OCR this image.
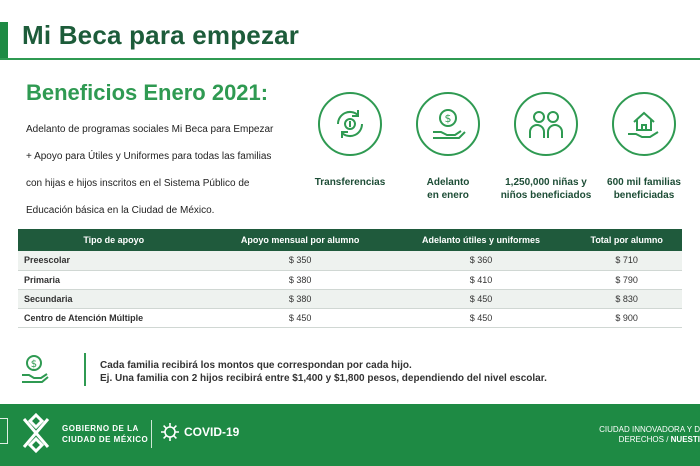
Mi Beca para empezar
Beneficios Enero 2021:

Adelanto de programas sociales Mi Beca para Empezar

+ Apoyo para Útiles y Uniformes para todas las familias

con hijas e hijos inscritos en el Sistema Público de

Educación básica en la Ciudad de México.

Transferencias
$
Adelanto
en enero
1,250,000 niñas y
niños beneficiados
600 mil familias
beneficiadas
Tipo de apoyo	Apoyo mensual por alumno	Adelanto útiles y uniformes	Total por alumno
Preescolar	$ 350	$ 360	$ 710
Primaria	$ 380	$ 410	$ 790
Secundaria	$ 380	$ 450	$ 830
Centro de Atención Múltiple	$ 450	$ 450	$ 900
$	Cada familia recibirá los montos que correspondan por cada hijo.
Ej. Una familia con 2 hijos recibirá entre $1,400 y $1,800 pesos, dependiendo del nivel escolar.
GOBIERNO DE LA
CIUDAD DE MÉXICO
COVID-19	CIUDAD INNOVADORA Y D
DERECHOS / NUESTI
